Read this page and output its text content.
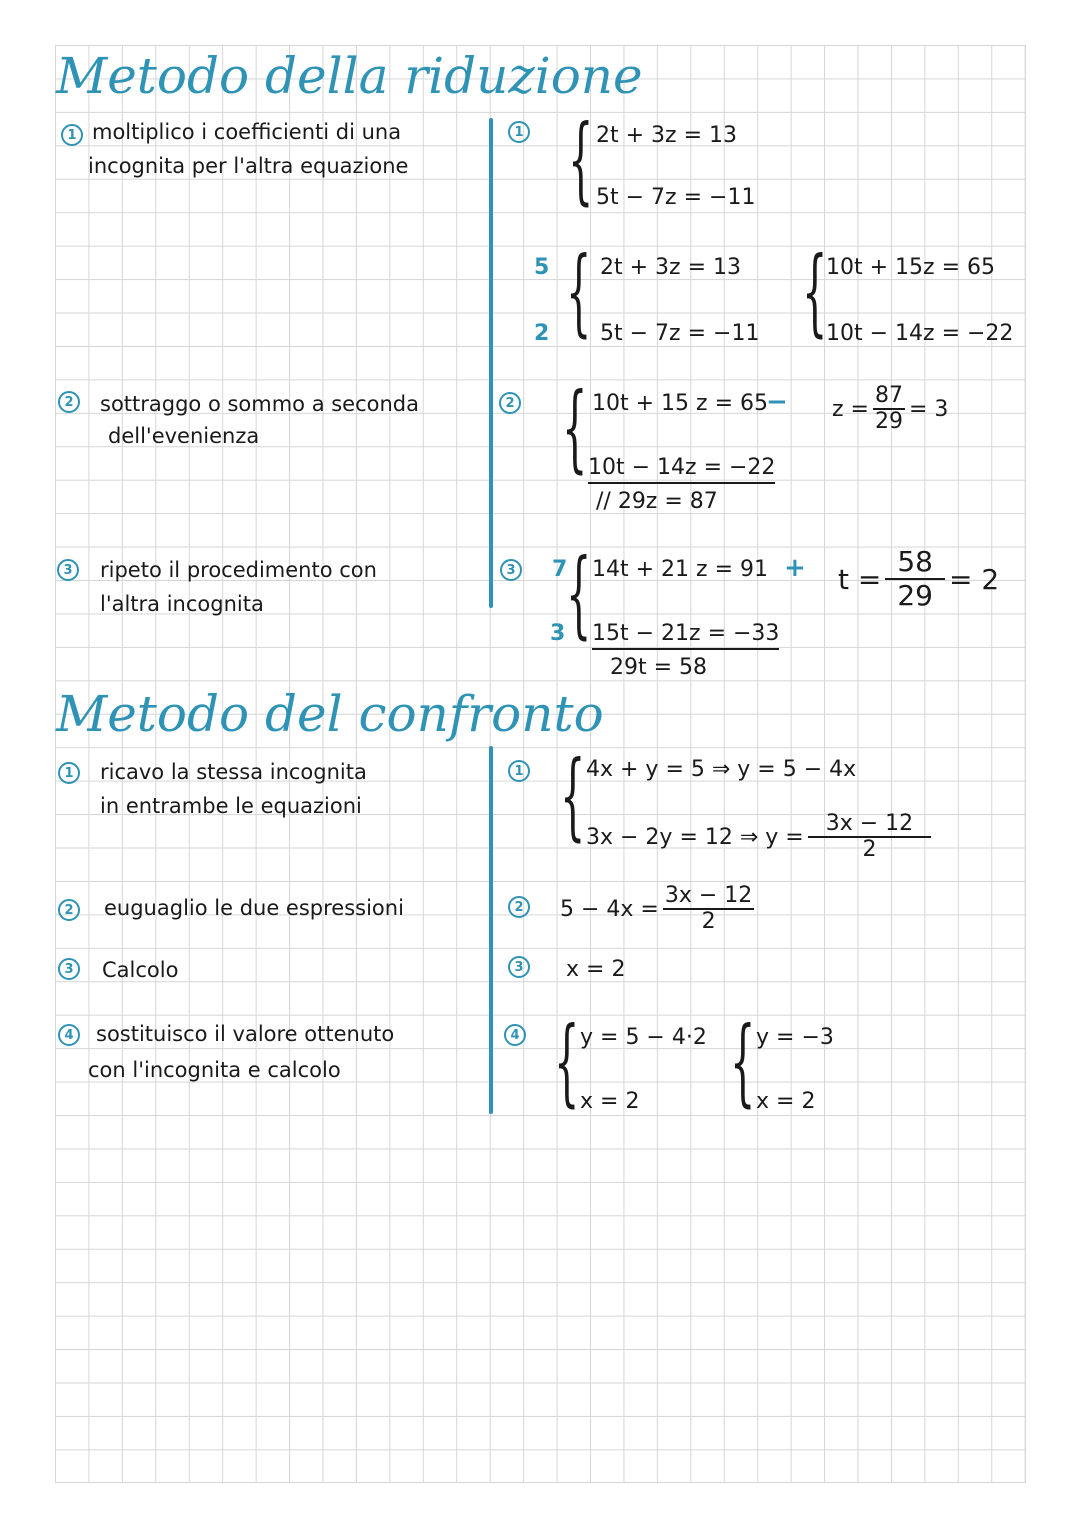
Metodo della riduzione
1 moltiplico i coefficienti di una

incognita per l'altra equazione

2	sottraggo o sommo a seconda

dell'evenienza

3	ripeto il procedimento con

l'altra incognita

1 { 2t + 3z = 13
5t − 7z = −11
5
2 { 2t + 3z = 13
5t − 7z = −11 {
10t + 15z = 65
10t − 14z = −22
2 { 10t + 15 z = 65
−
10t − 14z = −22
// 29z = 87
$z = \frac{87}{29} = 3$
3 7
3 { 14t + 21 z = 91 +
15t − 21z = −33
29t = 58
$t = \frac{58}{29} = 2$
Metodo del confronto
1	ricavo la stessa incognita

in entrambe le equazioni

2	euguaglio le due espressioni

3	Calcolo

4	sostituisco il valore ottenuto

con l'incognita e calcolo

1 { 4x + y = 5 ⇒ y = 5 − 4x
3x − 2y = 12 ⇒ $y = \frac{3x - 12}{2}$
2 $5 - 4x = \frac{3x - 12}{2}$
3 x = 2
4 { y = 5 − 4·2
x = 2 { y = −3
x = 2
